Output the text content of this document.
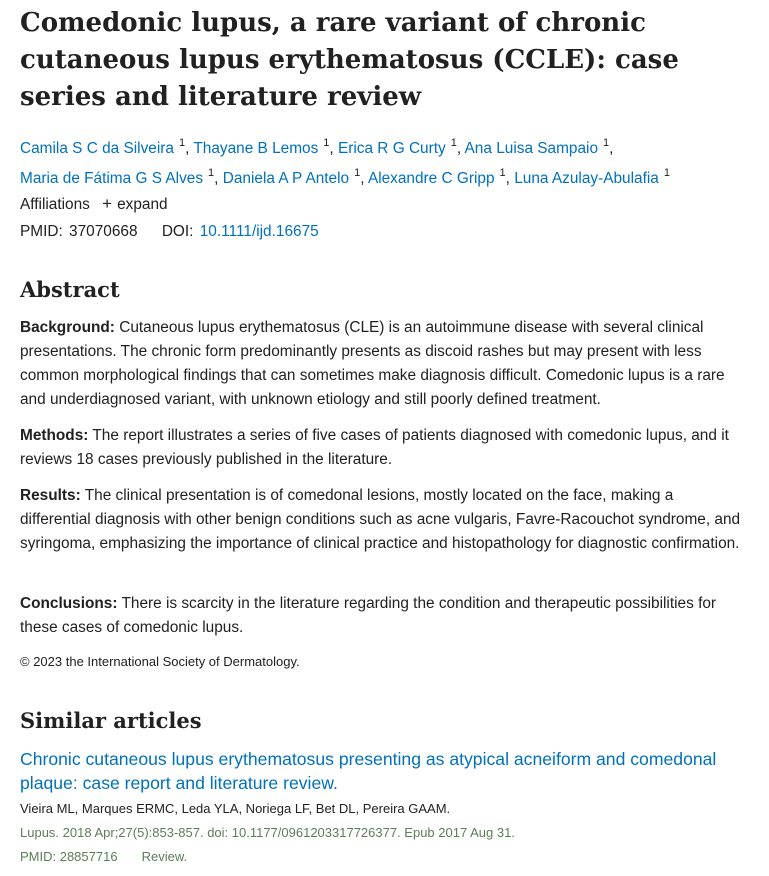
Comedonic lupus, a rare variant of chronic cutaneous lupus erythematosus (CCLE): case series and literature review
Camila S C da Silveira $^1$, Thayane B Lemos $^1$, Erica R G Curty $^1$, Ana Luisa Sampaio $^1$,
Maria de Fátima G S Alves $^1$, Daniela A P Antelo $^1$, Alexandre C Gripp $^1$, Luna Azulay-Abulafia $^1$
Affiliations + expand
PMID: 37070668 DOI: 10.1111/ijd.16675
Abstract

Background: Cutaneous lupus erythematosus (CLE) is an autoimmune disease with several clinical presentations. The chronic form predominantly presents as discoid rashes but may present with less common morphological findings that can sometimes make diagnosis difficult. Comedonic lupus is a rare and underdiagnosed variant, with unknown etiology and still poorly defined treatment.

Methods: The report illustrates a series of five cases of patients diagnosed with comedonic lupus, and it reviews 18 cases previously published in the literature.

Results: The clinical presentation is of comedonal lesions, mostly located on the face, making a differential diagnosis with other benign conditions such as acne vulgaris, Favre-Racouchot syndrome, and syringoma, emphasizing the importance of clinical practice and histopathology for diagnostic confirmation.

Conclusions: There is scarcity in the literature regarding the condition and therapeutic possibilities for these cases of comedonic lupus.

© 2023 the International Society of Dermatology.
Similar articles
Chronic cutaneous lupus erythematosus presenting as atypical acneiform and comedonal plaque: case report and literature review.
Vieira ML, Marques ERMC, Leda YLA, Noriega LF, Bet DL, Pereira GAAM.
Lupus. 2018 Apr;27(5):853-857. doi: 10.1177/0961203317726377. Epub 2017 Aug 31.
PMID: 28857716 Review.
